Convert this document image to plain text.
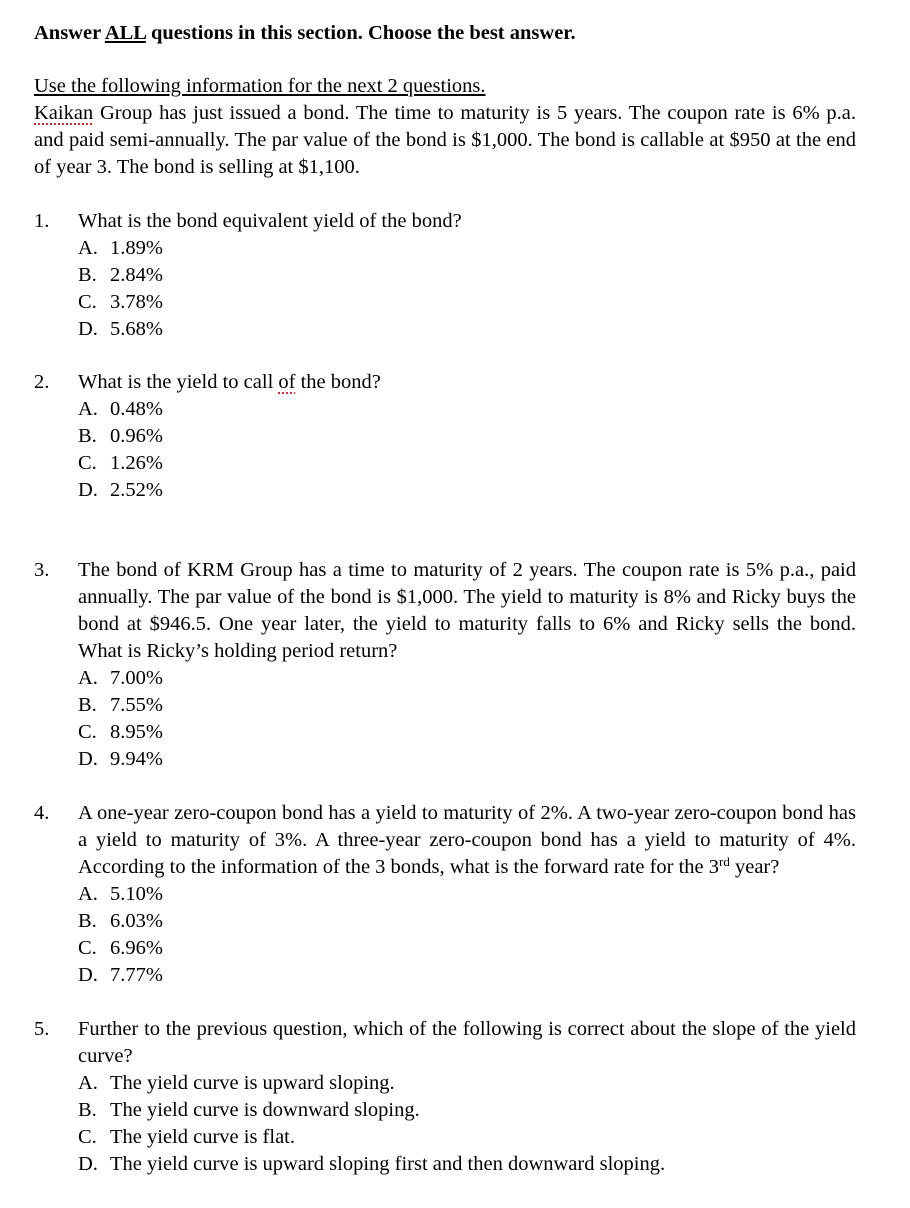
Answer ALL questions in this section. Choose the best answer.

Use the following information for the next 2 questions.
Kaikan Group has just issued a bond. The time to maturity is 5 years. The coupon rate is 6% p.a. and paid semi-annually. The par value of the bond is $1,000. The bond is callable at $950 at the end of year 3. The bond is selling at $1,100.
1. What is the bond equivalent yield of the bond?
A. 1.89%
B. 2.84%
C. 3.78%
D. 5.68%
2. What is the yield to call of the bond?
A. 0.48%
B. 0.96%
C. 1.26%
D. 2.52%
3. The bond of KRM Group has a time to maturity of 2 years. The coupon rate is 5% p.a., paid annually. The par value of the bond is $1,000. The yield to maturity is 8% and Ricky buys the bond at $946.5. One year later, the yield to maturity falls to 6% and Ricky sells the bond. What is Ricky’s holding period return?
A. 7.00%
B. 7.55%
C. 8.95%
D. 9.94%
4. A one-year zero-coupon bond has a yield to maturity of 2%. A two-year zero-coupon bond has a yield to maturity of 3%. A three-year zero-coupon bond has a yield to maturity of 4%. According to the information of the 3 bonds, what is the forward rate for the 3rd year?
A. 5.10%
B. 6.03%
C. 6.96%
D. 7.77%
5. Further to the previous question, which of the following is correct about the slope of the yield curve?
A. The yield curve is upward sloping.
B. The yield curve is downward sloping.
C. The yield curve is flat.
D. The yield curve is upward sloping first and then downward sloping.
